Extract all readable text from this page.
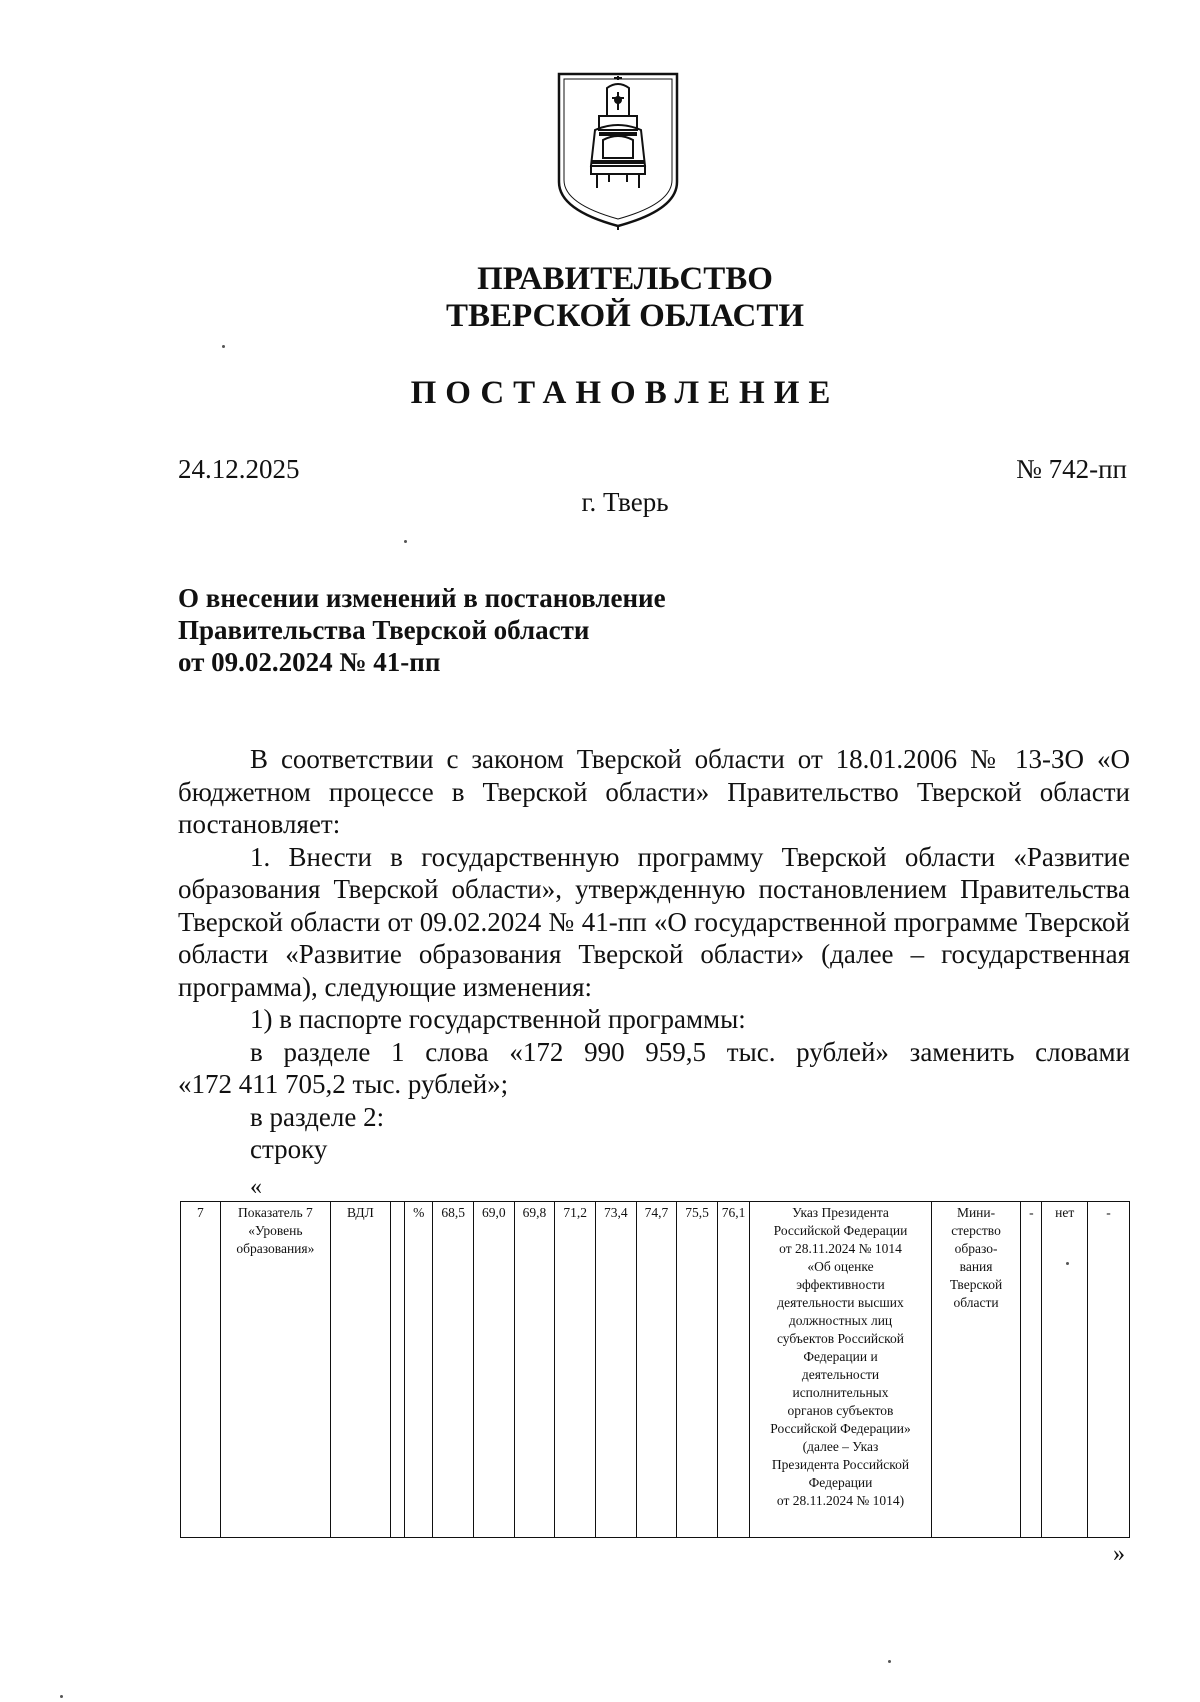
ПРАВИТЕЛЬСТВО
ТВЕРСКОЙ ОБЛАСТИ
ПОСТАНОВЛЕНИЕ
24.12.2025	№ 742-пп
г. Тверь
О внесении изменений в постановление
Правительства Тверской области
от 09.02.2024 № 41-пп

В соответствии с законом Тверской области от 18.01.2006 № 13-ЗО «О бюджетном процессе в Тверской области» Правительство Тверской области постановляет:

1. Внести в государственную программу Тверской области «Развитие образования Тверской области», утвержденную постановлением Правительства Тверской области от 09.02.2024 № 41-пп «О государственной программе Тверской области «Развитие образования Тверской области» (далее – государственная программа), следующие изменения:

1) в паспорте государственной программы:

в разделе 1 слова «172 990 959,5 тыс. рублей» заменить словами

«172 411 705,2 тыс. рублей»;

в разделе 2:

строку

«
7	Показатель 7
«Уровень
образования»	ВДЛ		%	68,5	69,0	69,8	71,2	73,4	74,7	75,5	76,1	Указ Президента
Российской Федерации
от 28.11.2024 № 1014
«Об оценке
эффективности
деятельности высших
должностных лиц
субъектов Российской
Федерации и
деятельности
исполнительных
органов субъектов
Российской Федерации»
(далее – Указ
Президента Российской
Федерации
от 28.11.2024 № 1014)	Мини-
стерство
образо-
вания
Тверской
области	-	нет	-
»
